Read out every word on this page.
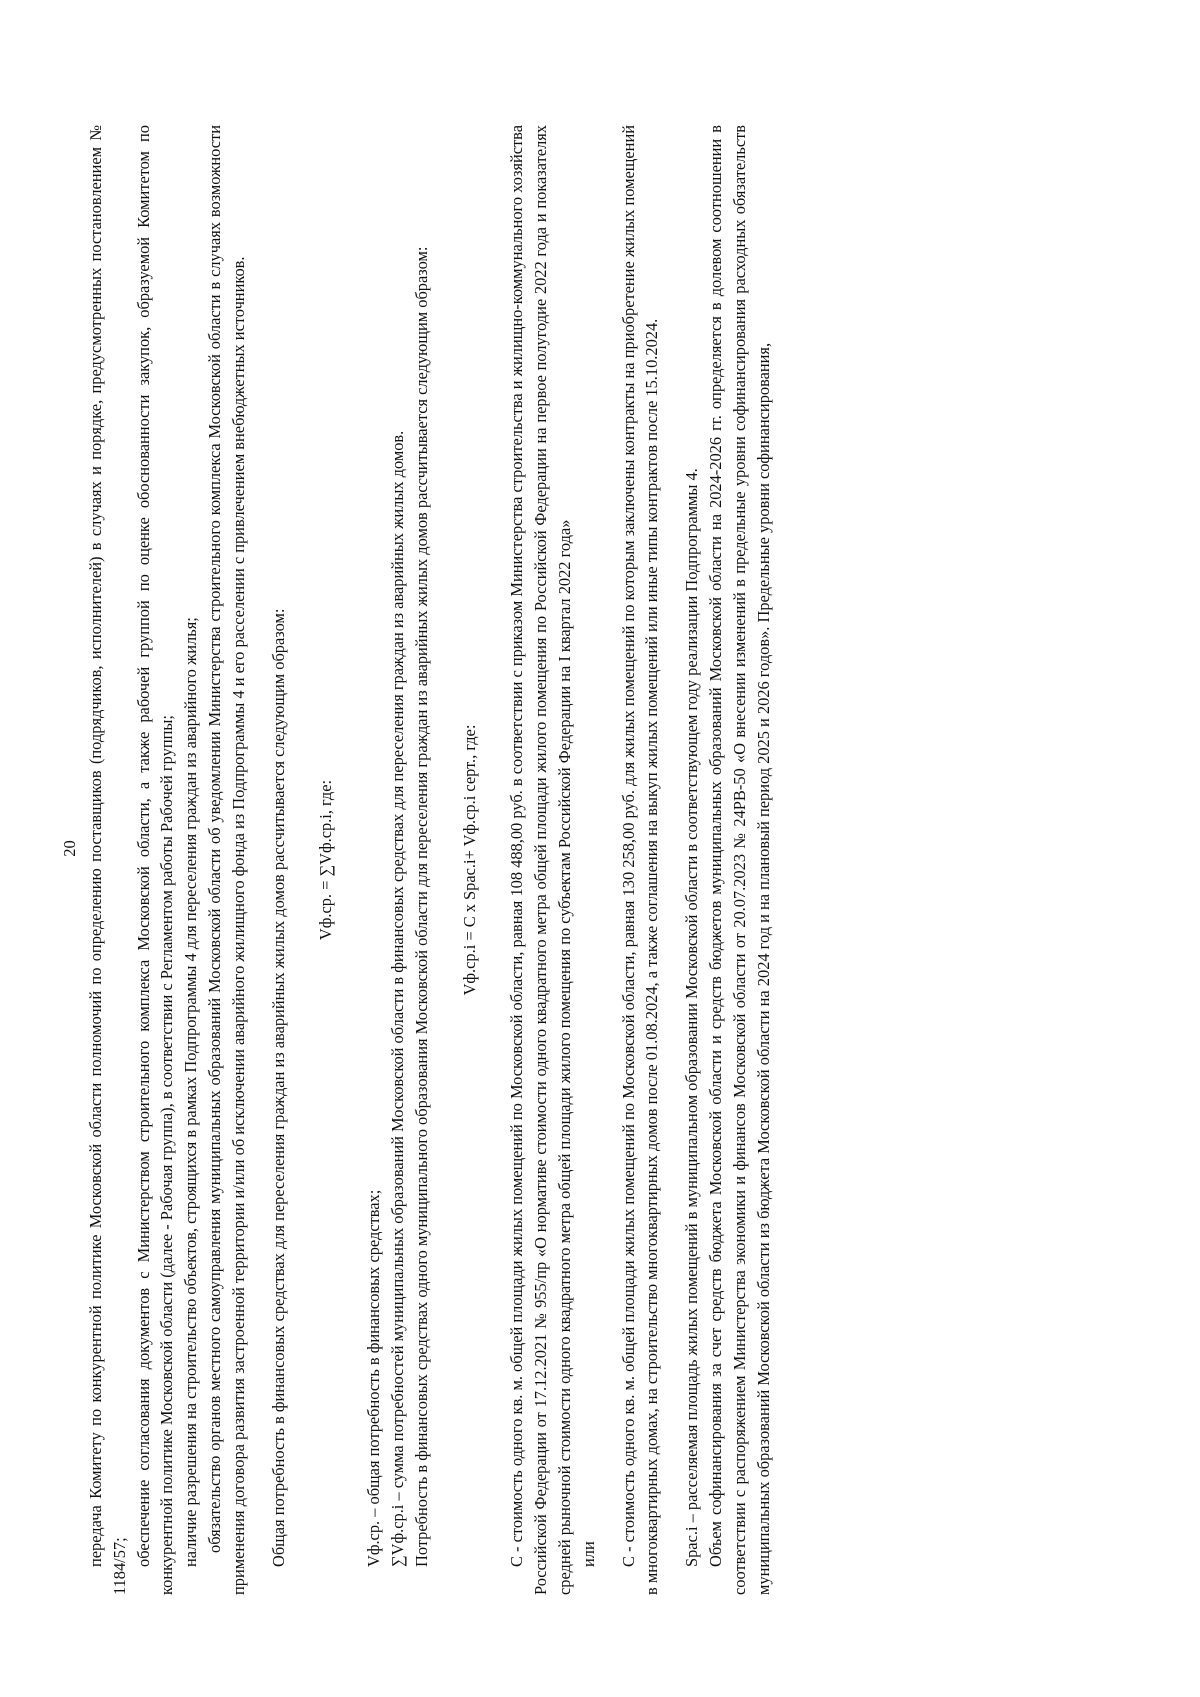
20 передача Комитету по конкурентной политике Московской области полномочий по определению поставщиков (подрядчиков, исполнителей) в случаях и порядке, предусмотренных постановлением № 1184/57; обеспечение согласования документов с Министерством строительного комплекса Московской области, а также рабочей группой по оценке обоснованности закупок, образуемой Комитетом по конкурентной политике Московской области (далее - Рабочая группа), в соответствии с Регламентом работы Рабочей группы; наличие разрешения на строительство объектов, строящихся в рамках Подпрограммы 4 для переселения граждан из аварийного жилья; обязательство органов местного самоуправления муниципальных образований Московской области об уведомлении Министерства строительного комплекса Московской области в случаях возможности применения договора развития застроенной территории и/или об исключении аварийного жилищного фонда из Подпрограммы 4 и его расселении с привлечением внебюджетных источников. Общая потребность в финансовых средствах для переселения граждан из аварийных жилых домов рассчитывается следующим образом: Vф.ср. = ∑Vф.ср.i, где:

Vф.ср. – общая потребность в финансовых средствах; ∑Vф.ср.i – сумма потребностей муниципальных образований Московской области в финансовых средствах для переселения граждан из аварийных жилых домов. Потребность в финансовых средствах одного муниципального образования Московской области для переселения граждан из аварийных жилых домов рассчитывается следующим образом: Vф.ср.i = C x Spac.i+ Vф.ср.i серт., где: С - стоимость одного кв. м. общей площади жилых помещений по Московской области, равная 108 488,00 руб. в соответствии с приказом Министерства строительства и жилищно-коммунального хозяйства Российской Федерации от 17.12.2021 № 955/пр «О нормативе стоимости одного квадратного метра общей площади жилого помещения по Российской Федерации на первое полугодие 2022 года и показателях средней рыночной стоимости одного квадратного метра общей площади жилого помещения по субъектам Российской Федерации на I квартал 2022 года» или С - стоимость одного кв. м. общей площади жилых помещений по Московской области, равная 130 258,00 руб. для жилых помещений по которым заключены контракты на приобретение жилых помещений в многоквартирных домах, на строительство многоквартирных домов после 01.08.2024, а также соглашения на выкуп жилых помещений или иные типы контрактов после 15.10.2024. Spac.i – расселяемая площадь жилых помещений в муниципальном образовании Московской области в соответствующем году реализации Подпрограммы 4. Объем софинансирования за счет средств бюджета Московской области и средств бюджетов муниципальных образований Московской области на 2024-2026 гг. определяется в долевом соотношении в соответствии с распоряжением Министерства экономики и финансов Московской области от 20.07.2023 № 24РВ-50 «О внесении изменений в предельные уровни софинансирования расходных обязательств муниципальных образований Московской области из бюджета Московской области на 2024 год и на плановый период 2025 и 2026 годов». Предельные уровни софинансирования,
